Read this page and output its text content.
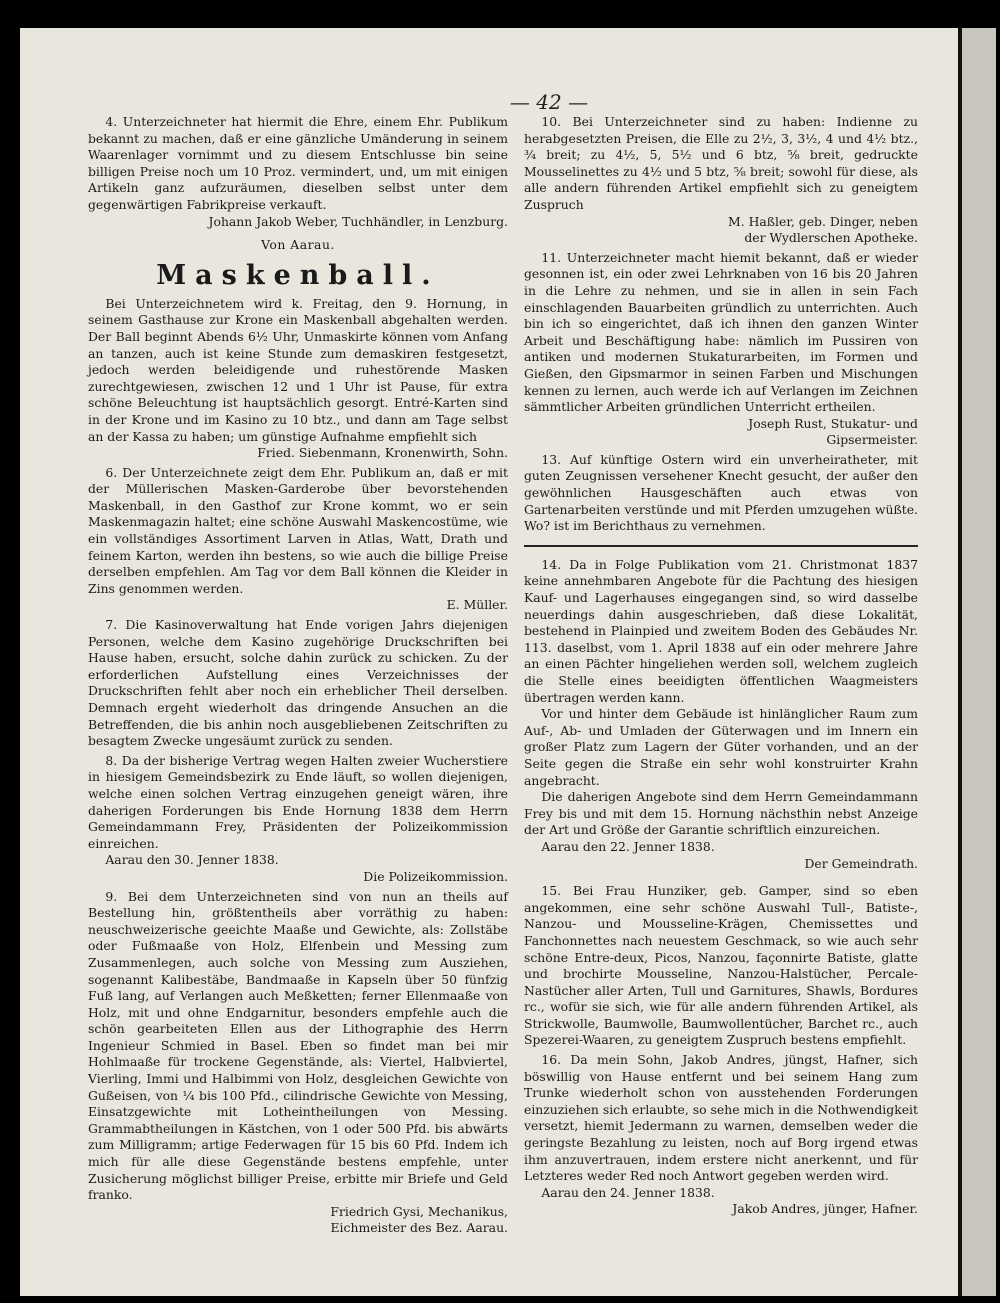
— 42 —

4. Unterzeichneter hat hiermit die Ehre, einem Ehr. Publikum bekannt zu machen, daß er eine gänzliche Umänderung in seinem Waarenlager vornimmt und zu diesem Entschlusse bin seine billigen Preise noch um 10 Proz. vermindert, und, um mit einigen Artikeln ganz aufzuräumen, dieselben selbst unter dem gegenwärtigen Fabrikpreise verkauft.

Johann Jakob Weber, Tuchhändler, in Lenzburg.

Von Aarau.

Maskenball.

Bei Unterzeichnetem wird k. Freitag, den 9. Hornung, in seinem Gasthause zur Krone ein Maskenball abgehalten werden. Der Ball beginnt Abends 6½ Uhr, Unmaskirte können vom Anfang an tanzen, auch ist keine Stunde zum demaskiren festgesetzt, jedoch werden beleidigende und ruhestörende Masken zurechtgewiesen, zwischen 12 und 1 Uhr ist Pause, für extra schöne Beleuchtung ist hauptsächlich gesorgt. Entré-Karten sind in der Krone und im Kasino zu 10 btz., und dann am Tage selbst an der Kassa zu haben; um günstige Aufnahme empfiehlt sich

Fried. Siebenmann, Kronenwirth, Sohn.

6. Der Unterzeichnete zeigt dem Ehr. Publikum an, daß er mit der Müllerischen Masken-Garderobe über bevorstehenden Maskenball, in den Gasthof zur Krone kommt, wo er sein Maskenmagazin haltet; eine schöne Auswahl Maskencostüme, wie ein vollständiges Assortiment Larven in Atlas, Watt, Drath und feinem Karton, werden ihn bestens, so wie auch die billige Preise derselben empfehlen. Am Tag vor dem Ball können die Kleider in Zins genommen werden.

E. Müller.

7. Die Kasinoverwaltung hat Ende vorigen Jahrs diejenigen Personen, welche dem Kasino zugehörige Druckschriften bei Hause haben, ersucht, solche dahin zurück zu schicken. Zu der erforderlichen Aufstellung eines Verzeichnisses der Druckschriften fehlt aber noch ein erheblicher Theil derselben. Demnach ergeht wiederholt das dringende Ansuchen an die Betreffenden, die bis anhin noch ausgebliebenen Zeitschriften zu besagtem Zwecke ungesäumt zurück zu senden.

8. Da der bisherige Vertrag wegen Halten zweier Wucherstiere in hiesigem Gemeindsbezirk zu Ende läuft, so wollen diejenigen, welche einen solchen Vertrag einzugehen geneigt wären, ihre daherigen Forderungen bis Ende Hornung 1838 dem Herrn Gemeindammann Frey, Präsidenten der Polizeikommission einreichen.

Aarau den 30. Jenner 1838.

Die Polizeikommission.

9. Bei dem Unterzeichneten sind von nun an theils auf Bestellung hin, größtentheils aber vorräthig zu haben: neuschweizerische geeichte Maaße und Gewichte, als: Zollstäbe oder Fußmaaße von Holz, Elfenbein und Messing zum Zusammenlegen, auch solche von Messing zum Ausziehen, sogenannt Kalibestäbe, Bandmaaße in Kapseln über 50 fünfzig Fuß lang, auf Verlangen auch Meßketten; ferner Ellenmaaße von Holz, mit und ohne Endgarnitur, besonders empfehle auch die schön gearbeiteten Ellen aus der Lithographie des Herrn Ingenieur Schmied in Basel. Eben so findet man bei mir Hohlmaaße für trockene Gegenstände, als: Viertel, Halbviertel, Vierling, Immi und Halbimmi von Holz, desgleichen Gewichte von Gußeisen, von ¼ bis 100 Pfd., cilindrische Gewichte von Messing, Einsatzgewichte mit Lotheintheilungen von Messing. Grammabtheilungen in Kästchen, von 1 oder 500 Pfd. bis abwärts zum Milligramm; artige Federwagen für 15 bis 60 Pfd. Indem ich mich für alle diese Gegenstände bestens empfehle, unter Zusicherung möglichst billiger Preise, erbitte mir Briefe und Geld franko.

Friedrich Gysi, Mechanikus,

Eichmeister des Bez. Aarau.

10. Bei Unterzeichneter sind zu haben: Indienne zu herabgesetzten Preisen, die Elle zu 2½, 3, 3½, 4 und 4½ btz., ¾ breit; zu 4½, 5, 5½ und 6 btz, ⅝ breit, gedruckte Mousselinettes zu 4½ und 5 btz, ⅝ breit; sowohl für diese, als alle andern führenden Artikel empfiehlt sich zu geneigtem Zuspruch

M. Haßler, geb. Dinger, neben

der Wydlerschen Apotheke.

11. Unterzeichneter macht hiemit bekannt, daß er wieder gesonnen ist, ein oder zwei Lehrknaben von 16 bis 20 Jahren in die Lehre zu nehmen, und sie in allen in sein Fach einschlagenden Bauarbeiten gründlich zu unterrichten. Auch bin ich so eingerichtet, daß ich ihnen den ganzen Winter Arbeit und Beschäftigung habe: nämlich im Pussiren von antiken und modernen Stukaturarbeiten, im Formen und Gießen, den Gipsmarmor in seinen Farben und Mischungen kennen zu lernen, auch werde ich auf Verlangen im Zeichnen sämmtlicher Arbeiten gründlichen Unterricht ertheilen.

Joseph Rust, Stukatur- und

Gipsermeister.

13. Auf künftige Ostern wird ein unverheiratheter, mit guten Zeugnissen versehener Knecht gesucht, der außer den gewöhnlichen Hausgeschäften auch etwas von Gartenarbeiten verstünde und mit Pferden umzugehen wüßte. Wo? ist im Berichthaus zu vernehmen.

14. Da in Folge Publikation vom 21. Christmonat 1837 keine annehmbaren Angebote für die Pachtung des hiesigen Kauf- und Lagerhauses eingegangen sind, so wird dasselbe neuerdings dahin ausgeschrieben, daß diese Lokalität, bestehend in Plainpied und zweitem Boden des Gebäudes Nr. 113. daselbst, vom 1. April 1838 auf ein oder mehrere Jahre an einen Pächter hingeliehen werden soll, welchem zugleich die Stelle eines beeidigten öffentlichen Waagmeisters übertragen werden kann.

Vor und hinter dem Gebäude ist hinlänglicher Raum zum Auf-, Ab- und Umladen der Güterwagen und im Innern ein großer Platz zum Lagern der Güter vorhanden, und an der Seite gegen die Straße ein sehr wohl konstruirter Krahn angebracht.

Die daherigen Angebote sind dem Herrn Gemeindammann Frey bis und mit dem 15. Hornung nächsthin nebst Anzeige der Art und Größe der Garantie schriftlich einzureichen.

Aarau den 22. Jenner 1838.

Der Gemeindrath.

15. Bei Frau Hunziker, geb. Gamper, sind so eben angekommen, eine sehr schöne Auswahl Tull-, Batiste-, Nanzou- und Mousseline-Krägen, Chemissettes und Fanchonnettes nach neuestem Geschmack, so wie auch sehr schöne Entre-deux, Picos, Nanzou, façonnirte Batiste, glatte und brochirte Mousseline, Nanzou-Halstücher, Percale-Nastücher aller Arten, Tull und Garnitures, Shawls, Bordures rc., wofür sie sich, wie für alle andern führenden Artikel, als Strickwolle, Baumwolle, Baumwollentücher, Barchet rc., auch Spezerei-Waaren, zu geneigtem Zuspruch bestens empfiehlt.

16. Da mein Sohn, Jakob Andres, jüngst, Hafner, sich böswillig von Hause entfernt und bei seinem Hang zum Trunke wiederholt schon von ausstehenden Forderungen einzuziehen sich erlaubte, so sehe mich in die Nothwendigkeit versetzt, hiemit Jedermann zu warnen, demselben weder die geringste Bezahlung zu leisten, noch auf Borg irgend etwas ihm anzuvertrauen, indem erstere nicht anerkennt, und für Letzteres weder Red noch Antwort gegeben werden wird.

Aarau den 24. Jenner 1838.

Jakob Andres, jünger, Hafner.
